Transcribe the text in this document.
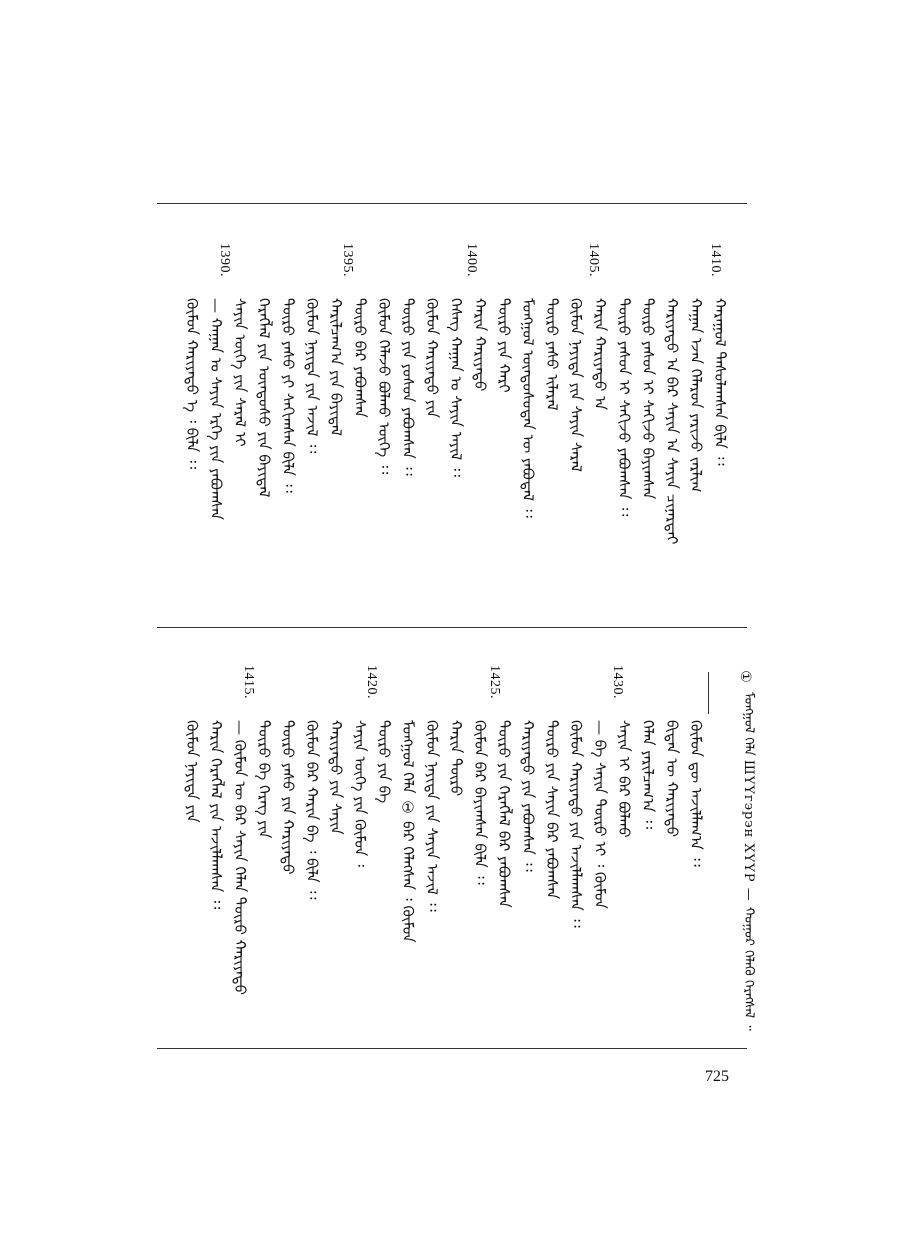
1410.
1405.
1400.
1395.
1390.
1430.
1425.
1420.
1415.
ᠬᠠᠷᠠᠭᠤᠯ ᠳᠠᠰᠤᠯᠠᠭᠰᠠᠨ ᠪᠢᠯᠡ ᠄᠄
ᠬᠠᠭᠠᠨ ᠡᠵᠡᠨ ᠬᠡᠯᠡᠷᠦᠨ ᠶᠠᠷᠢᠵᠤ ᠵᠠᠷᠯᠢᠭ
ᠬᠠᠷᠢᠶᠠᠲᠤ ᠠ ᠪᠠᠷ ᠰᠠᠶᠢᠨ ᠠ ᠰᠠᠶᠢᠨ ᠴᠢᠨᠠᠷᠲᠠᠢ
ᠲᠦᠷᠦ ᠶᠠᠰᠤᠨ ᠢ ᠰᠠᠬᠢᠵᠤ ᠪᠠᠶᠢᠭᠰᠠᠨ
ᠲᠦᠷᠦ ᠶᠠᠰᠤᠨ ᠢ ᠰᠠᠬᠢᠵᠤ ᠶᠠᠪᠤᠭᠰᠠᠨ ᠄᠄
ᠬᠠᠷᠢᠨ ᠬᠠᠷᠢᠶᠠᠲᠤ ᠠ
ᠬᠦᠮᠦᠨ ᠨᠡᠶᠢᠲᠡ ᠶᠢᠨ ᠰᠠᠶᠢᠨ ᠰᠠᠷᠠᠯ
ᠲᠦᠷᠦ ᠶᠠᠰᠤ ᠢᠯᠡᠷᠡᠯ
ᠮᠣᠩᠭᠣᠯ ᠦᠨᠳᠦᠰᠦᠲᠡᠨ ᠦ ᠶᠠᠪᠤᠳᠠᠯ ᠄᠄
ᠲᠦᠷᠦ ᠶᠢᠨ ᠬᠠᠷᠢ
ᠬᠠᠷᠢᠨ ᠬᠠᠷᠢᠶᠠᠲᠤ
ᠬᠡᠰᠡᠭ ᠬᠠᠭᠠᠨ ᠤ ᠰᠠᠶᠢᠨ ᠠᠶᠢᠯ ᠄᠄
ᠬᠦᠮᠦᠨ ᠬᠠᠷᠢᠶᠠᠲᠤ ᠶᠢᠨ
ᠲᠦᠷᠦ ᠶᠢᠨ ᠶᠣᠰᠤᠨ ᠶᠠᠪᠤᠭᠰᠠᠨ ᠄᠄
ᠬᠦᠮᠦᠨ ᠬᠡᠯᠡᠵᠦ ᠪᠣᠯᠬᠤ ᠦᠭᠡ ᠄᠄
ᠲᠦᠷᠦ ᠪᠠᠷ ᠶᠠᠪᠤᠭᠰᠠᠨ
ᠬᠠᠷᠢᠯᠴᠠᠭ᠎ᠠ ᠶᠢᠨ ᠪᠠᠶᠢᠳᠠᠯ
ᠬᠦᠮᠦᠨ ᠨᠡᠶᠢᠲᠡ ᠶᠢᠨ ᠠᠵᠢᠯ ᠄᠄
ᠲᠦᠷᠦ ᠶᠠᠰᠤ ᠶᠢ ᠰᠠᠬᠢᠭᠰᠠᠨ ᠪᠢᠯᠡ ᠄᠄
ᠬᠡᠷᠡᠭᠯᠡᠯ ᠶᠢᠨ ᠦᠨᠳᠦᠰᠦ ᠶᠢᠨ ᠪᠠᠶᠢᠳᠠᠯ
ᠰᠠᠶᠢᠨ ᠦᠭᠡ ᠶᠢᠨ ᠰᠠᠷᠠᠯ ᠢ
— ᠬᠠᠭᠠᠨ ᠤ ᠰᠠᠶᠢᠨ ᠡᠷᠬᠡ ᠶᠢᠨ ᠶᠠᠪᠤᠭᠰᠠᠨ
ᠬᠦᠮᠦᠨ ᠬᠠᠷᠢᠶᠠᠲᠤ ᠡ ᠄ ᠪᠢᠯᠡ ᠄᠄
ᠬᠦᠮᠦᠨ ᠳᠦ ᠠᠵᠢᠯᠯᠠᠭ᠎ᠠ ᠄᠄
ᠪᠢᠳᠡᠨ ᠦ ᠬᠠᠷᠢᠶᠠᠲᠤ
ᠬᠡᠯᠡᠨ ᠶᠠᠷᠢᠯᠴᠠᠭ᠎ᠠ ᠄᠄
ᠰᠠᠶᠢᠨ ᠢ ᠪᠠᠷ ᠪᠣᠯᠬᠤ
— ᠪᠠ ᠰᠠᠶᠢᠨ ᠲᠦᠷᠦ ᠢ ᠄ ᠬᠦᠮᠦᠨ
ᠬᠦᠮᠦᠨ ᠬᠠᠷᠢᠶᠠᠲᠤ ᠶᠢᠨ ᠠᠵᠢᠯᠯᠠᠭᠰᠠᠨ ᠄᠄
ᠲᠦᠷᠦ ᠶᠢᠨ ᠰᠠᠶᠢᠨ ᠪᠠᠷ ᠶᠠᠪᠤᠭᠰᠠᠨ
ᠬᠠᠷᠢᠶᠠᠲᠤ ᠶᠢᠨ ᠶᠠᠪᠤᠭᠰᠠᠨ ᠄᠄
ᠲᠦᠷᠦ ᠶᠢᠨ ᠬᠡᠷᠡᠭᠯᠡᠯ ᠪᠠᠷ ᠶᠠᠪᠤᠭᠰᠠᠨ
ᠬᠦᠮᠦᠨ ᠪᠠᠷ ᠪᠠᠶᠢᠭᠰᠠᠨ ᠪᠢᠯᠡ ᠄᠄
ᠬᠠᠷᠢᠨ ᠲᠦᠷᠦ
ᠬᠦᠮᠦᠨ ᠨᠡᠶᠢᠲᠡ ᠶᠢᠨ ᠰᠠᠶᠢᠨ ᠠᠵᠢᠯ ᠄᠄
ᠮᠣᠩᠭᠣᠯ ᠬᠡᠯᠡ ① ᠪᠠᠷ ᠬᠡᠯᠡᠭᠰᠡᠨ ᠄ ᠬᠦᠮᠦᠨ
ᠲᠦᠷᠦ ᠶᠢᠨ ᠪᠠ
ᠰᠠᠶᠢᠨ ᠦᠭᠡ ᠶᠢᠨ ᠬᠦᠮᠦᠨ ᠄
ᠬᠠᠷᠢᠶᠠᠲᠤ ᠶᠢᠨ ᠰᠠᠶᠢᠨ
ᠬᠦᠮᠦᠨ ᠪᠠᠷ ᠬᠠᠷᠢᠨ ᠪᠠ ᠄ ᠪᠢᠯᠡ ᠄᠄
ᠲᠦᠷᠦ ᠶᠠᠰᠤ ᠶᠢᠨ ᠬᠠᠷᠢᠶᠠᠲᠤ
ᠲᠦᠷᠦ ᠪᠠ ᠬᠡᠷᠡᠭ ᠶᠢᠨ
— ᠬᠦᠮᠦᠨ ᠦ ᠪᠠᠷ ᠰᠠᠶᠢᠨ ᠬᠡᠯᠡᠨ ᠲᠦᠷᠦ ᠬᠠᠷᠢᠶᠠᠲᠤ
ᠬᠠᠷᠢᠨ ᠬᠡᠷᠡᠭᠯᠡᠯ ᠶᠢᠨ ᠠᠵᠢᠯᠯᠠᠭᠰᠠᠨ ᠄᠄
ᠬᠦᠮᠦᠨ ᠨᠡᠶᠢᠲᠡ ᠶᠢᠨ
①
ᠮᠣᠩᠭᠣᠯ ᠬᠡᠯᠡ ШҮҮгэрэн ХҮҮР — ᠬᠤᠭᠤᠷ ᠬᠡᠯᠡᠬᠦ ᠬᠡᠷᠡᠭᠰᠡᠯ ᠃
725
